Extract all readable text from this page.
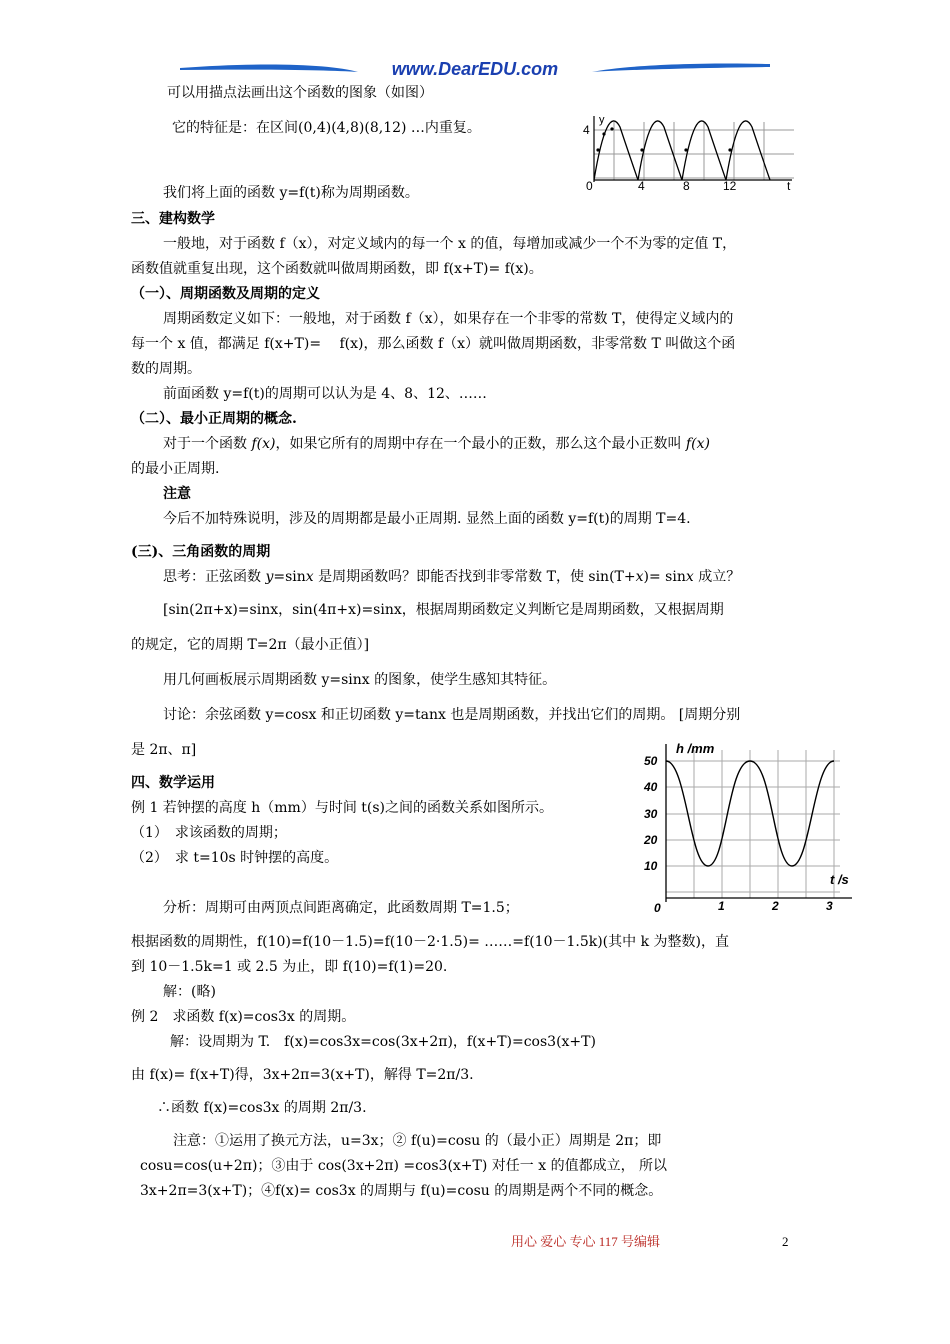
www.DearEDU.com
可以用描点法画出这个函数的图象（如图）
它的特征是：在区间(0,4)(4,8)(8,12) …内重复。
0	4	8	12	t
4
y
我们将上面的函数 y=f(t)称为周期函数。
三、建构数学
一般地，对于函数 f（x），对定义域内的每一个 x 的值，每增加或减少一个不为零的定值 T，
函数值就重复出现，这个函数就叫做周期函数，即 f(x+T)= f(x)。
（一）、周期函数及周期的定义
周期函数定义如下：一般地，对于函数 f（x），如果存在一个非零的常数 T，使得定义域内的
每一个 x 值，都满足 f(x+T)=　 f(x)，那么函数 f（x）就叫做周期函数，非零常数 T 叫做这个函
数的周期。
前面函数 y=f(t)的周期可以认为是 4、8、12、……
（二）、最小正周期的概念.
对于一个函数 f(x)，如果它所有的周期中存在一个最小的正数，那么这个最小正数叫 f(x)
的最小正周期.
注意
今后不加特殊说明，涉及的周期都是最小正周期. 显然上面的函数 y=f(t)的周期 T=4.
(三)、三角函数的周期
思考：正弦函数 y=sinx 是周期函数吗？即能否找到非零常数 T，使 sin(T+x)= sinx 成立？
[sin(2π+x)=sinx，sin(4π+x)=sinx，根据周期函数定义判断它是周期函数，又根据周期
的规定，它的周期 T=2π（最小正值）]
用几何画板展示周期函数 y=sinx 的图象，使学生感知其特征。
讨论：余弦函数 y=cosx 和正切函数 y=tanx 也是周期函数，并找出它们的周期。 [周期分别
是 2π、π]
四、数学运用
例 1 若钟摆的高度 h（mm）与时间 t(s)之间的函数关系如图所示。
（1）　求该函数的周期；
（2）　求 t=10s 时钟摆的高度。
h /mm
50
40
30
20
10
t /s
0	1	2	3
分析：周期可由两顶点间距离确定，此函数周期 T=1.5；
根据函数的周期性，f(10)=f(10－1.5)=f(10－2·1.5)= ……=f(10－1.5k)(其中 k 为整数)，直
到 10－1.5k=1 或 2.5 为止，即 f(10)=f(1)=20.
解：(略)
例 2　求函数 f(x)=cos3x 的周期。
解：设周期为 T.　f(x)=cos3x=cos(3x+2π)，f(x+T)=cos3(x+T)
由 f(x)= f(x+T)得，3x+2π=3(x+T)，解得 T=2π/3.
∴函数 f(x)=cos3x 的周期 2π/3.
注意：①运用了换元方法，u=3x；② f(u)=cosu 的（最小正）周期是 2π；即
cosu=cos(u+2π)；③由于 cos(3x+2π) =cos3(x+T) 对任一 x 的值都成立， 所以
3x+2π=3(x+T)；④f(x)= cos3x 的周期与 f(u)=cosu 的周期是两个不同的概念。
用心 爱心 专心 117 号编辑	2
